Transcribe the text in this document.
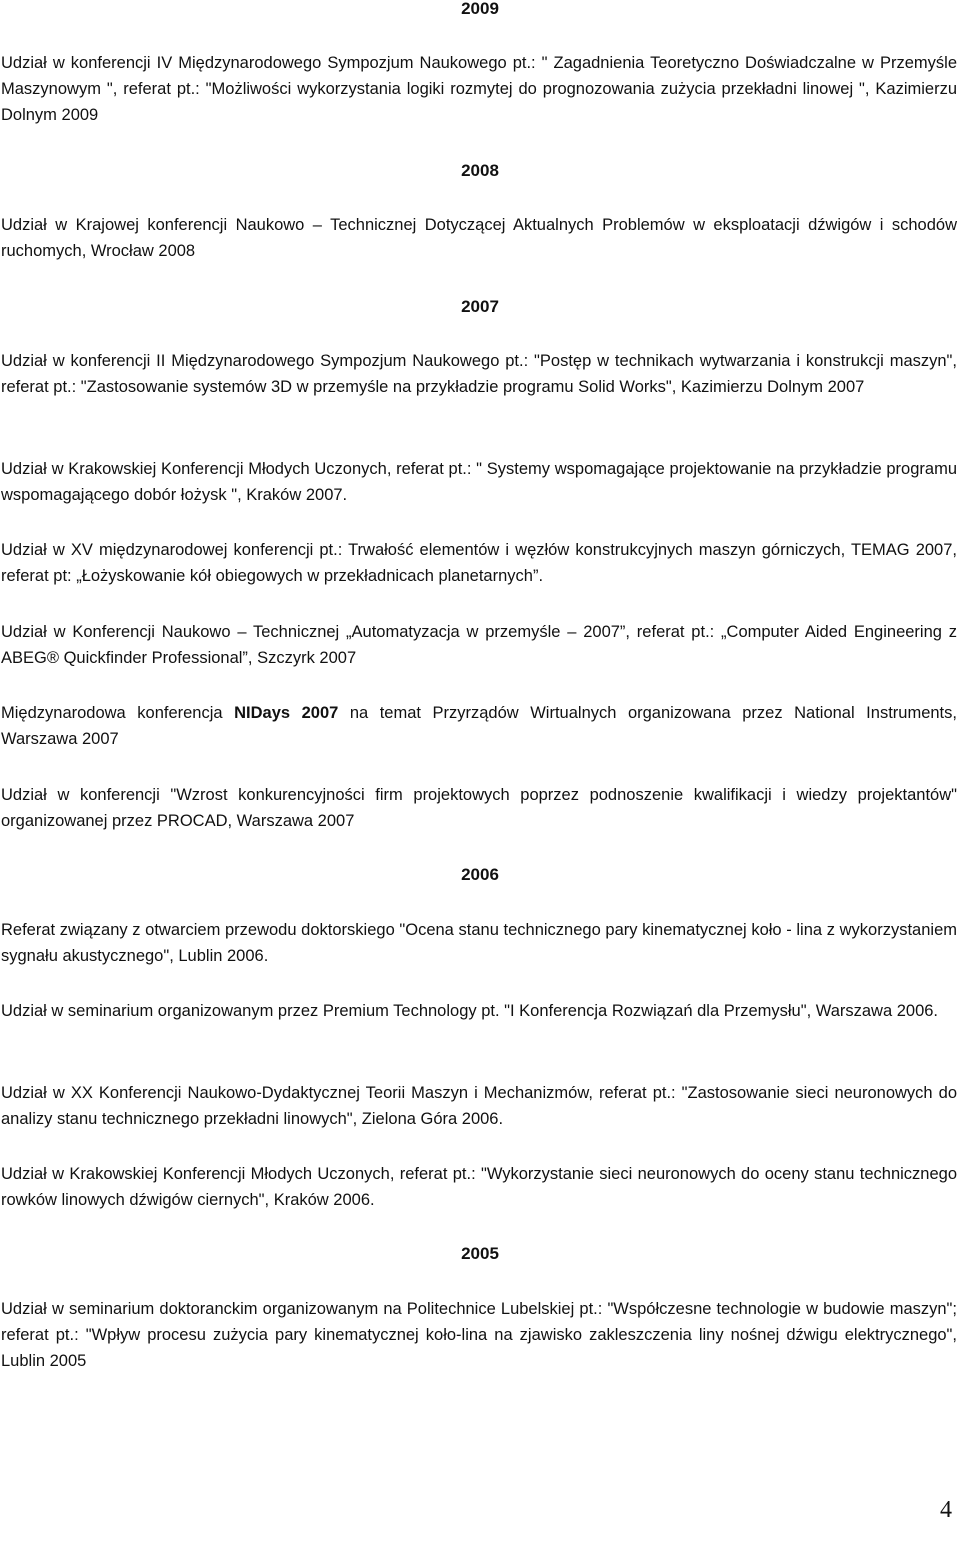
2009

Udział w konferencji IV Międzynarodowego Sympozjum Naukowego pt.: " Zagadnienia Teoretyczno Doświadczalne w Przemyśle Maszynowym ", referat pt.: "Możliwości wykorzystania logiki rozmytej do prognozowania zużycia przekładni linowej ", Kazimierzu Dolnym 2009

2008

Udział w Krajowej konferencji Naukowo – Technicznej Dotyczącej Aktualnych Problemów w eksploatacji dźwigów i schodów ruchomych, Wrocław 2008

2007

Udział w konferencji II Międzynarodowego Sympozjum Naukowego pt.: "Postęp w technikach wytwarzania i konstrukcji maszyn", referat pt.: "Zastosowanie systemów 3D w przemyśle na przykładzie programu Solid Works", Kazimierzu Dolnym 2007

Udział w Krakowskiej Konferencji Młodych Uczonych, referat pt.: " Systemy wspomagające projektowanie na przykładzie programu wspomagającego dobór łożysk ", Kraków 2007.

Udział w XV międzynarodowej konferencji pt.: Trwałość elementów i węzłów konstrukcyjnych maszyn górniczych, TEMAG 2007, referat pt: „Łożyskowanie kół obiegowych w przekładnicach planetarnych”.

Udział w Konferencji Naukowo – Technicznej „Automatyzacja w przemyśle – 2007”, referat pt.: „Computer Aided Engineering z ABEG® Quickfinder Professional”, Szczyrk 2007

Międzynarodowa konferencja NIDays 2007 na temat Przyrządów Wirtualnych organizowana przez National Instruments, Warszawa 2007

Udział w konferencji "Wzrost konkurencyjności firm projektowych poprzez podnoszenie kwalifikacji i wiedzy projektantów" organizowanej przez PROCAD, Warszawa 2007

2006

Referat związany z otwarciem przewodu doktorskiego "Ocena stanu technicznego pary kinematycznej koło - lina z wykorzystaniem sygnału akustycznego", Lublin 2006.

Udział w seminarium organizowanym przez Premium Technology pt. "I Konferencja Rozwiązań dla Przemysłu", Warszawa 2006.

Udział w XX Konferencji Naukowo-Dydaktycznej Teorii Maszyn i Mechanizmów, referat pt.: "Zastosowanie sieci neuronowych do analizy stanu technicznego przekładni linowych", Zielona Góra 2006.

Udział w Krakowskiej Konferencji Młodych Uczonych, referat pt.: "Wykorzystanie sieci neuronowych do oceny stanu technicznego rowków linowych dźwigów ciernych", Kraków 2006.

2005

Udział w seminarium doktoranckim organizowanym na Politechnice Lubelskiej pt.: "Współczesne technologie w budowie maszyn"; referat pt.: "Wpływ procesu zużycia pary kinematycznej koło-lina na zjawisko zakleszczenia liny nośnej dźwigu elektrycznego", Lublin 2005

4
